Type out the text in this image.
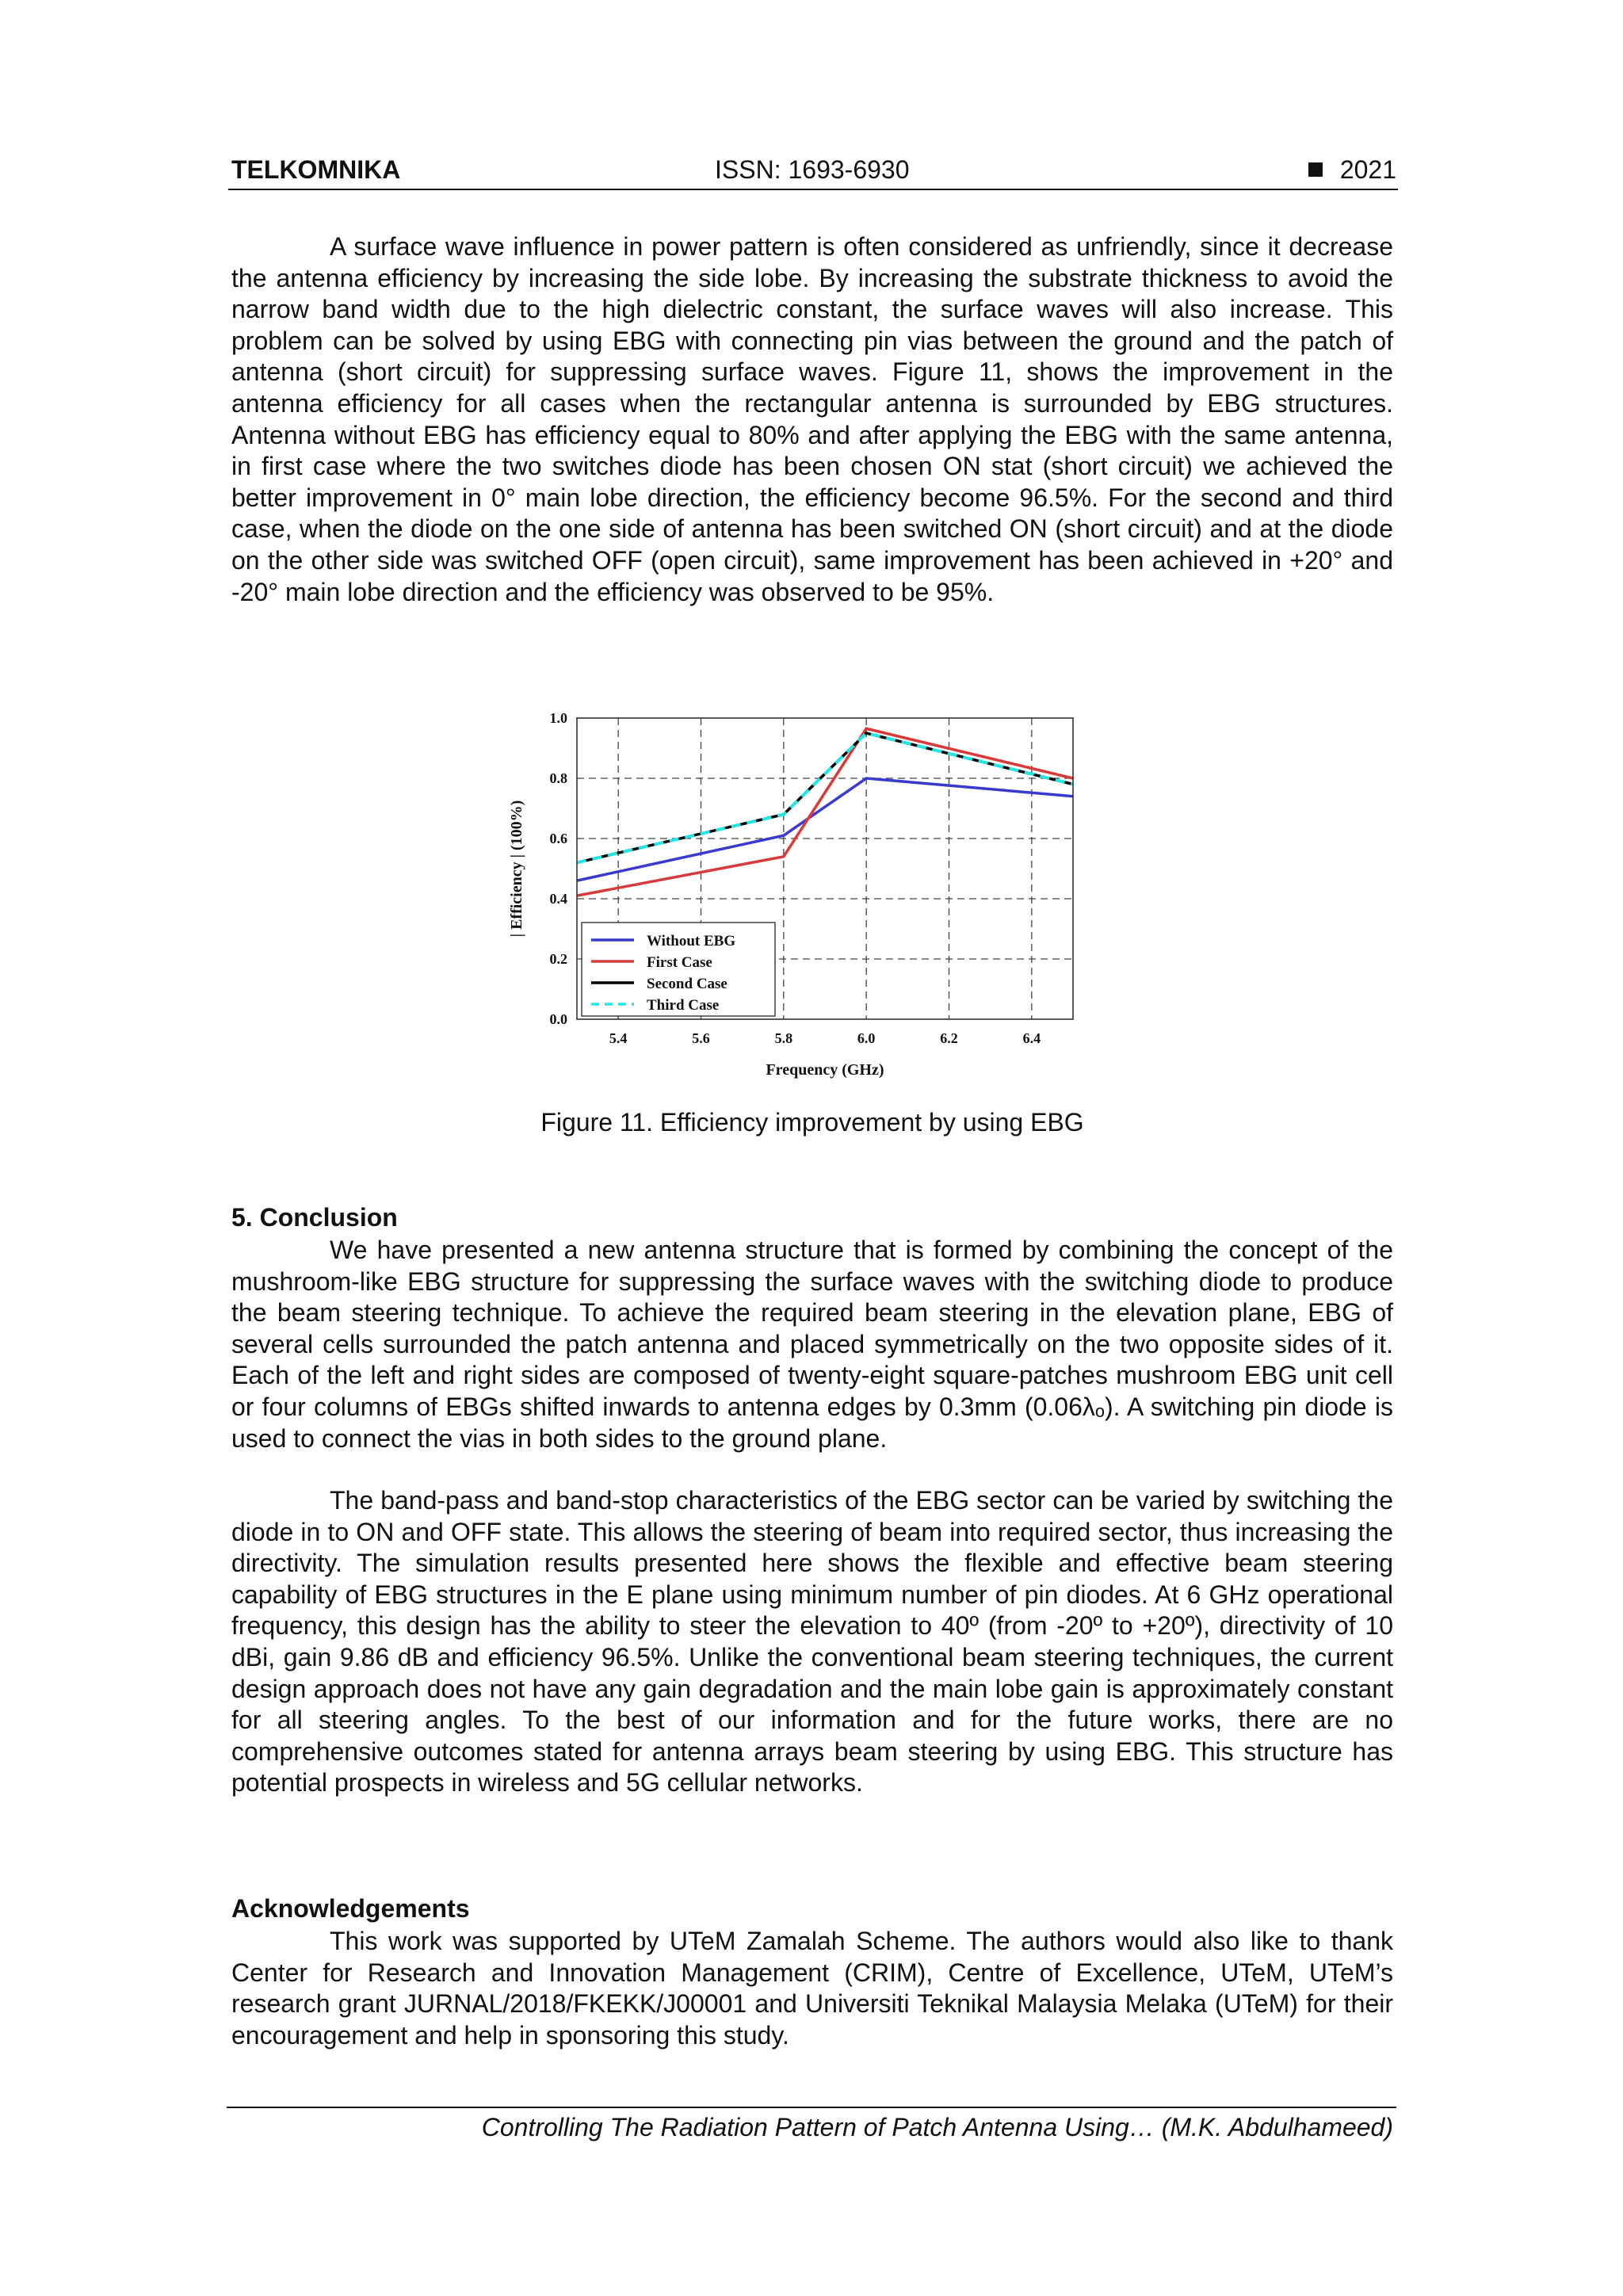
TELKOMNIKA	ISSN: 1693-6930	2021

A surface wave influence in power pattern is often considered as unfriendly, since it decrease the antenna efficiency by increasing the side lobe. By increasing the substrate thickness to avoid the narrow band width due to the high dielectric constant, the surface waves will also increase. This problem can be solved by using EBG with connecting pin vias between the ground and the patch of antenna (short circuit) for suppressing surface waves. Figure 11, shows the improvement in the antenna efficiency for all cases when the rectangular antenna is surrounded by EBG structures. Antenna without EBG has efficiency equal to 80% and after applying the EBG with the same antenna, in first case where the two switches diode has been chosen ON stat (short circuit) we achieved the better improvement in 0° main lobe direction, the efficiency become 96.5%. For the second and third case, when the diode on the one side of antenna has been switched ON (short circuit) and at the diode on the other side was switched OFF (open circuit), same improvement has been achieved in +20° and -20° main lobe direction and the efficiency was observed to be 95%.

5.4	5.6	5.8	6.0	6.2	6.4
0.0
0.2
0.4
0.6
0.8
1.0
Frequency (GHz)
| Efficiency | (100%)
Without EBG
First Case
Second Case
Third Case
Figure 11. Efficiency improvement by using EBG
5. Conclusion

We have presented a new antenna structure that is formed by combining the concept of the mushroom-like EBG structure for suppressing the surface waves with the switching diode to produce the beam steering technique. To achieve the required beam steering in the elevation plane, EBG of several cells surrounded the patch antenna and placed symmetrically on the two opposite sides of it. Each of the left and right sides are composed of twenty-eight square-patches mushroom EBG unit cell or four columns of EBGs shifted inwards to antenna edges by 0.3mm (0.06λₒ). A switching pin diode is used to connect the vias in both sides to the ground plane.

The band-pass and band-stop characteristics of the EBG sector can be varied by switching the diode in to ON and OFF state. This allows the steering of beam into required sector, thus increasing the directivity. The simulation results presented here shows the flexible and effective beam steering capability of EBG structures in the E plane using minimum number of pin diodes. At 6 GHz operational frequency, this design has the ability to steer the elevation to 40º (from -20º to +20º), directivity of 10 dBi, gain 9.86 dB and efficiency 96.5%. Unlike the conventional beam steering techniques, the current design approach does not have any gain degradation and the main lobe gain is approximately constant for all steering angles. To the best of our information and for the future works, there are no comprehensive outcomes stated for antenna arrays beam steering by using EBG. This structure has potential prospects in wireless and 5G cellular networks.

Acknowledgements

This work was supported by UTeM Zamalah Scheme. The authors would also like to thank Center for Research and Innovation Management (CRIM), Centre of Excellence, UTeM, UTeM’s research grant JURNAL/2018/FKEKK/J00001 and Universiti Teknikal Malaysia Melaka (UTeM) for their encouragement and help in sponsoring this study.

Controlling The Radiation Pattern of Patch Antenna Using… (M.K. Abdulhameed)
